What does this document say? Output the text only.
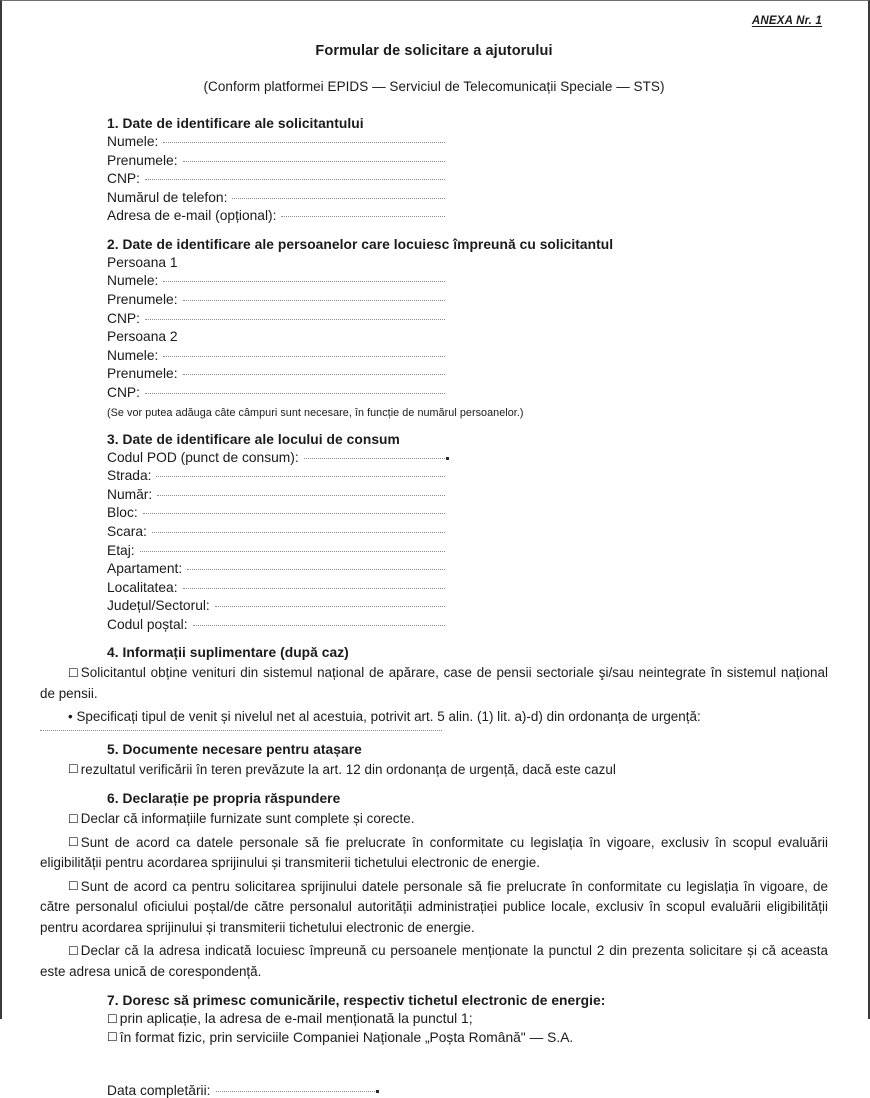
ANEXA Nr. 1
Formular de solicitare a ajutorului
(Conform platformei EPIDS — Serviciul de Telecomunicații Speciale — STS)
1. Date de identificare ale solicitantului
Numele:
Prenumele:
CNP:
Numărul de telefon:
Adresa de e-mail (opțional):
2. Date de identificare ale persoanelor care locuiesc împreună cu solicitantul
Persoana 1
Numele:
Prenumele:
CNP:
Persoana 2
Numele:
Prenumele:
CNP:
(Se vor putea adăuga câte câmpuri sunt necesare, în funcție de numărul persoanelor.)
3. Date de identificare ale locului de consum
Codul POD (punct de consum):
Strada:
Număr:
Bloc:
Scara:
Etaj:
Apartament:
Localitatea:
Județul/Sectorul:
Codul poștal:
4. Informații suplimentare (după caz)

☐ Solicitantul obține venituri din sistemul național de apărare, case de pensii sectoriale şi/sau neintegrate în sistemul național de pensii.

• Specificați tipul de venit și nivelul net al acestuia, potrivit art. 5 alin. (1) lit. a)-d) din ordonanța de urgență:

5. Documente necesare pentru atașare

☐ rezultatul verificării în teren prevăzute la art. 12 din ordonanța de urgență, dacă este cazul

6. Declarație pe propria răspundere

☐ Declar că informațiile furnizate sunt complete și corecte.

☐ Sunt de acord ca datele personale să fie prelucrate în conformitate cu legislația în vigoare, exclusiv în scopul evaluării eligibilității pentru acordarea sprijinului și transmiterii tichetului electronic de energie.

☐ Sunt de acord ca pentru solicitarea sprijinului datele personale să fie prelucrate în conformitate cu legislația în vigoare, de către personalul oficiului poștal/de către personalul autorității administrației publice locale, exclusiv în scopul evaluării eligibilității pentru acordarea sprijinului și transmiterii tichetului electronic de energie.

☐ Declar că la adresa indicată locuiesc împreună cu persoanele menționate la punctul 2 din prezenta solicitare și că aceasta este adresa unică de corespondență.

7. Doresc să primesc comunicările, respectiv tichetul electronic de energie:
☐ prin aplicație, la adresa de e-mail menționată la punctul 1;
☐ în format fizic, prin serviciile Companiei Naționale „Poșta Română" — S.A.
Data completării:
